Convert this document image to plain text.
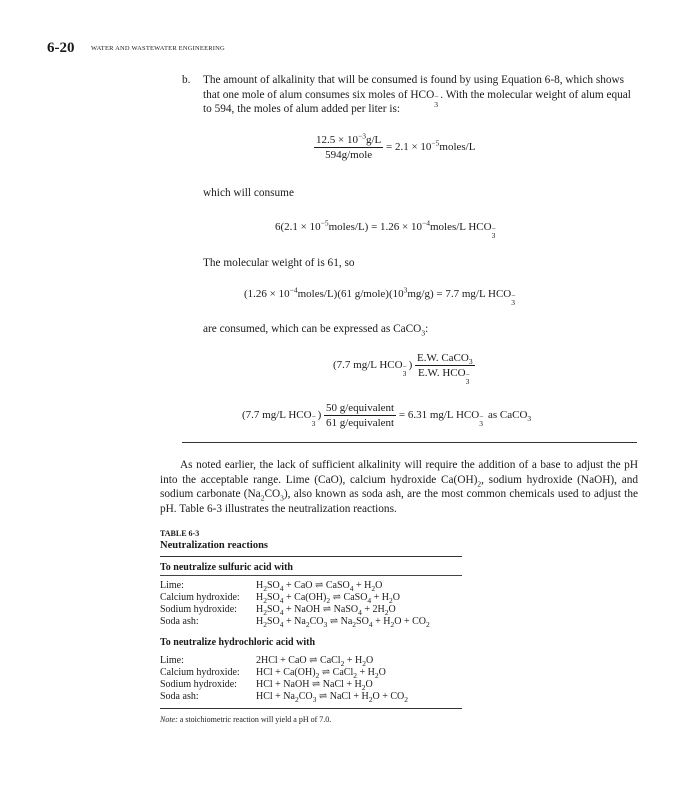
6-20	WATER AND WASTEWATER ENGINEERING
b. The amount of alkalinity that will be consumed is found by using Equation 6-8, which shows that one mole of alum consumes six moles of HCO −
3
. With the molecular weight of alum equal to 594, the moles of alum added per liter is:
$\frac{12.5 \times 10^{-3}g/L}{\text{594g/mole}} = 2.1$ × $10^{-5}moles/L$
which will consume
$6(2.1 \times 10^{-5}moles/L) = 1.26$ × $10^{-4}moles/L$ HCO −
3
The molecular weight of is 61, so
$(1.26 \times 10^{-4}moles/L)(61$ $g/mole)(10^3mg/g) = 7.7$ mg/L HCO −
3
are consumed, which can be expressed as CaCO$_3$:
(7.7 mg/L HCO −
3
) E.W. CaCO$_3$
E.W. HCO −
3
(7.7 mg/L HCO −
3
) $\frac{\text{50 g/equivalent}}{\text{61 g/equivalent}} = 6.31$ mg/L HCO −
3
as CaCO$_3$
As noted earlier, the lack of sufficient alkalinity will require the addition of a base to adjust the pH into the acceptable range. Lime (CaO), calcium hydroxide $Ca(OH)_2$, sodium hydroxide (NaOH), and sodium carbonate $(Na_2CO_3)$, also known as soda ash, are the most common chemicals used to adjust the pH. Table 6-3 illustrates the neutralization reactions.
TABLE 6-3
Neutralization reactions
To neutralize sulfuric acid with
Lime:	$H_2SO_4$ + CaO ⇌ CaSO$_4$ + $H_2O$
Calcium hydroxide: $H_2SO_4 + Ca(OH)_2$ ⇌ CaSO$_4$ + $H_2O$
Sodium hydroxide: $H_2SO_4$ + NaOH ⇌ NaSO$_4$ + $2H_2O$
Soda ash:	$H_2SO_4 + Na_2CO_3$ ⇌ $Na_2SO_4 + H_2O + CO_2$
To neutralize hydrochloric acid with
Lime:	2HCl + CaO ⇌ CaCl$_2$ + $H_2O$
Calcium hydroxide: HCl + $Ca(OH)_2$ ⇌ CaCl$_2$ + $H_2O$
Sodium hydroxide: HCl + NaOH ⇌ NaCl + $H_2O$
Soda ash:	HCl + $Na_2CO_3$ ⇌ NaCl + $H_2O + CO_2$
Note: a stoichiometric reaction will yield a pH of 7.0.
